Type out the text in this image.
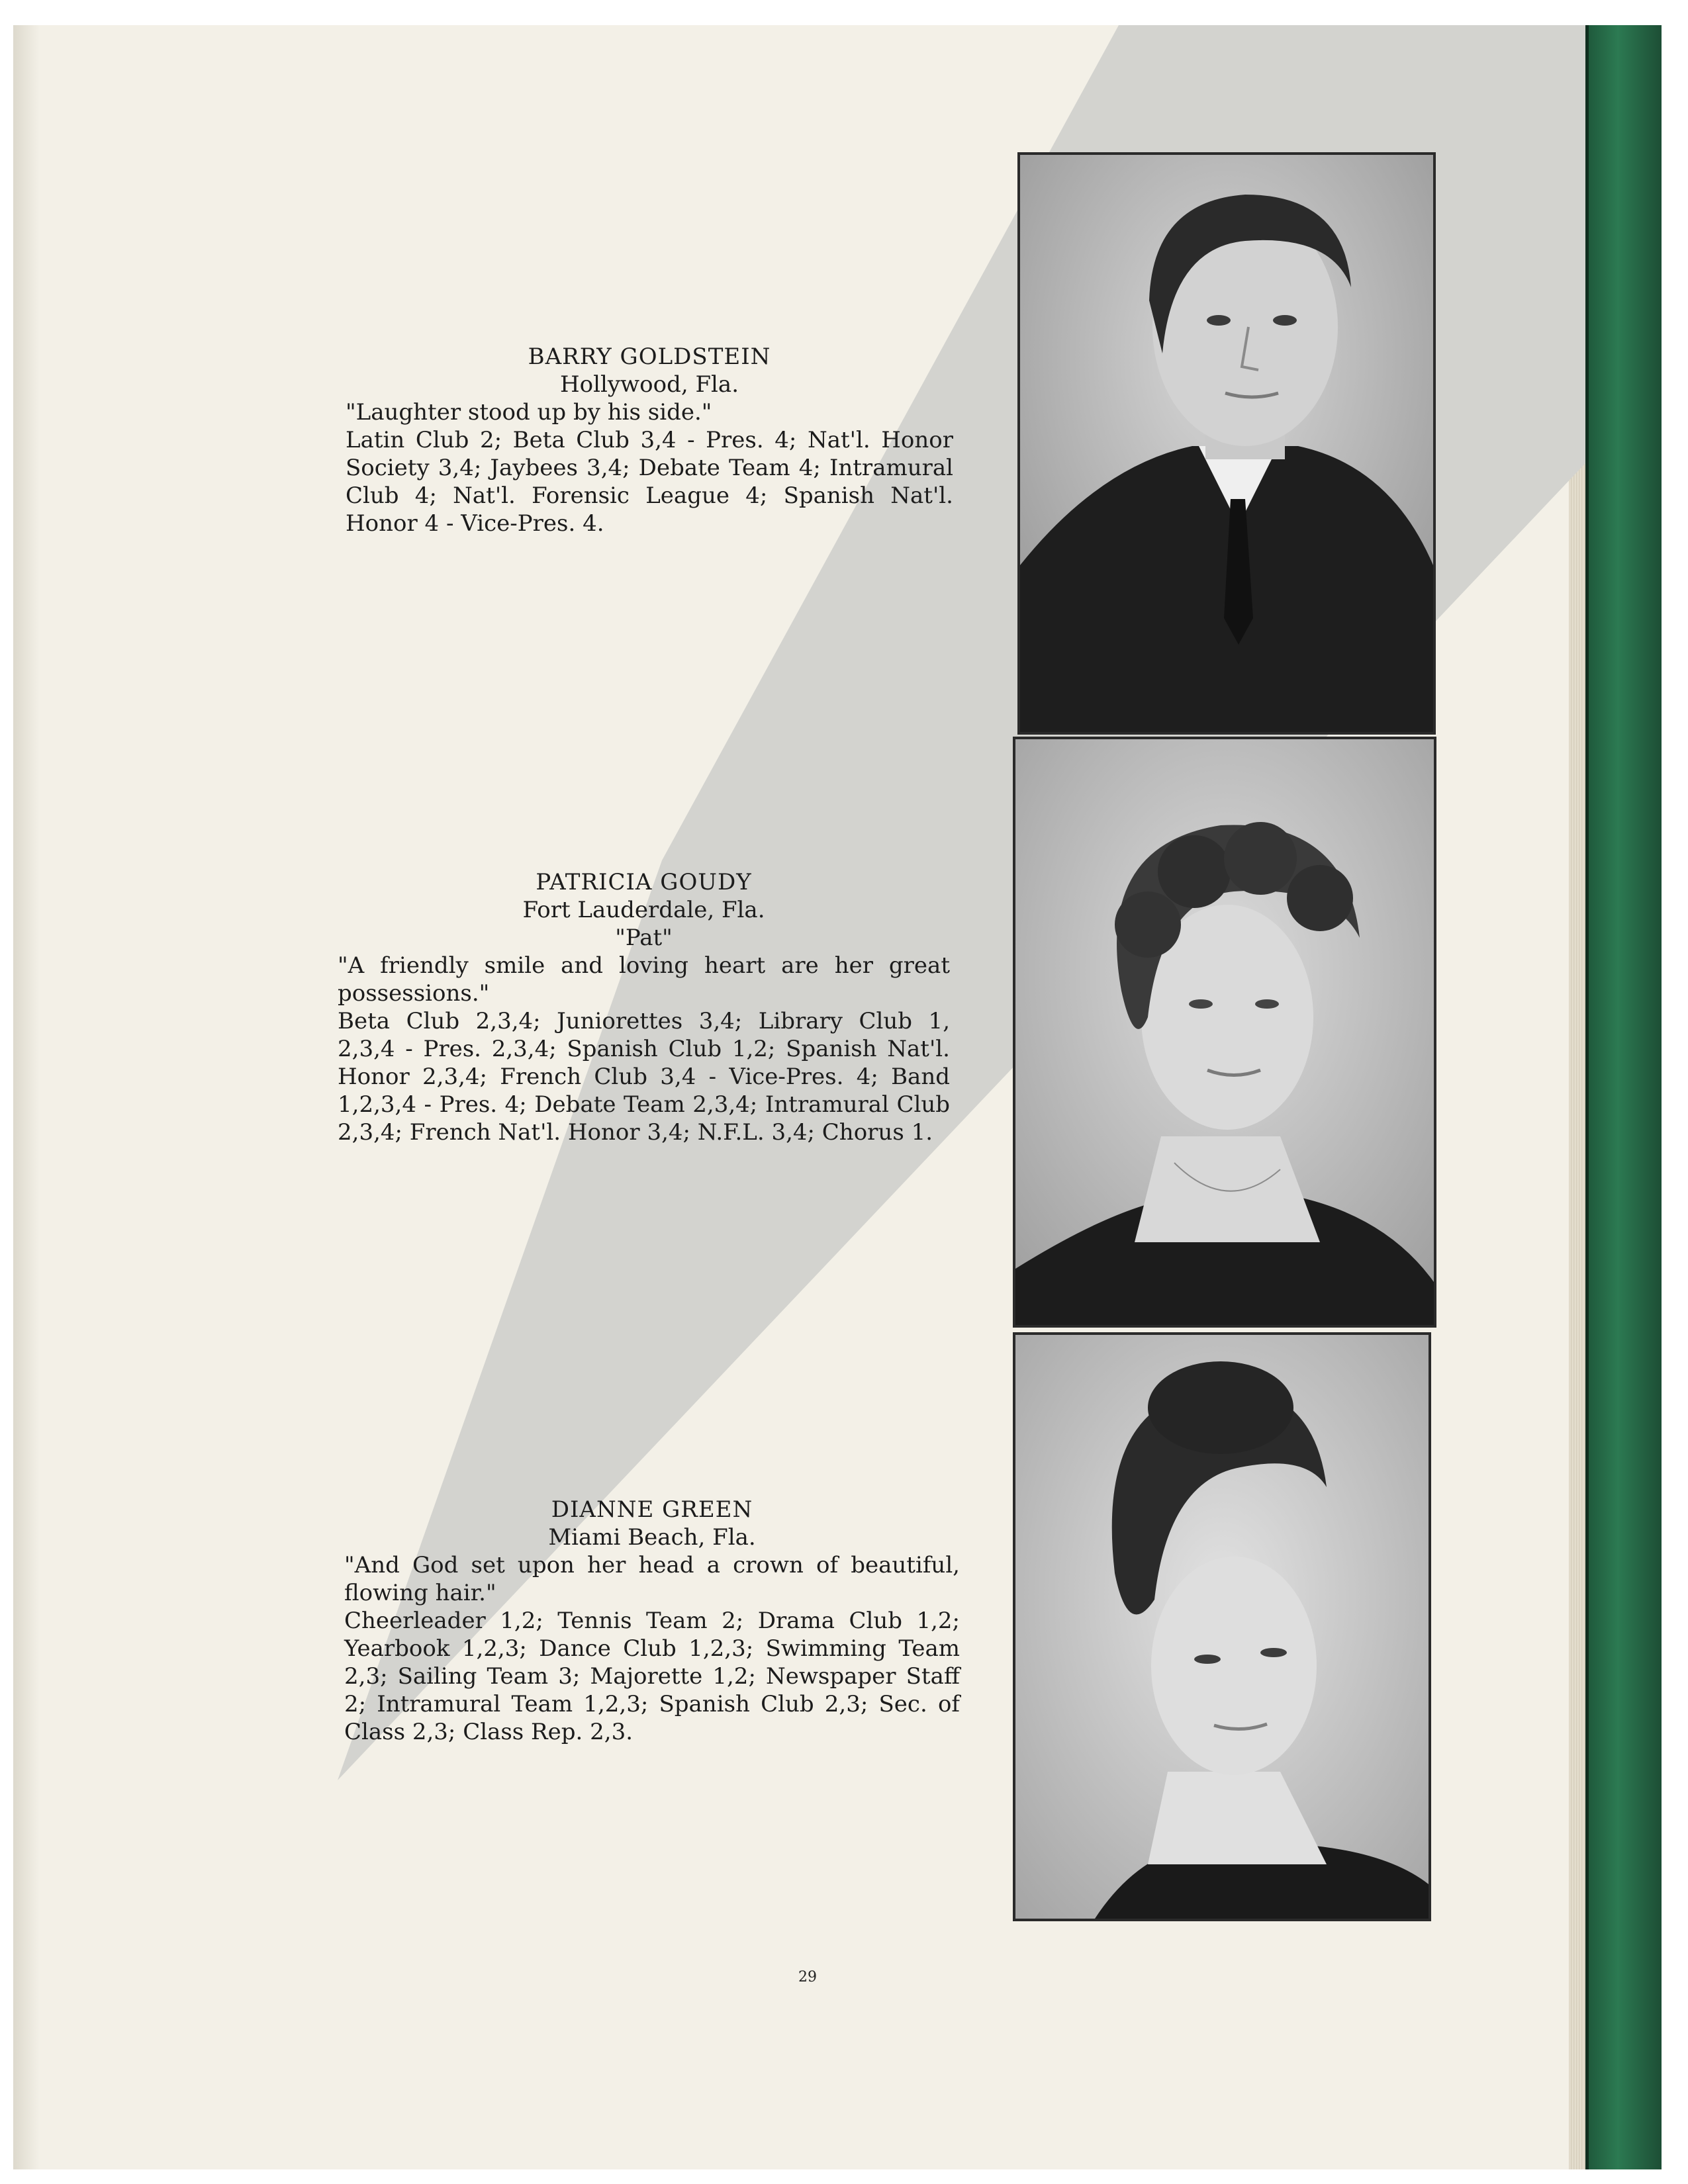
BARRY GOLDSTEIN
Hollywood, Fla.
"Laughter stood up by his side."
Latin Club 2; Beta Club 3,4 - Pres. 4; Nat'l. Honor Society 3,4; Jaybees 3,4; Debate Team 4; Intramural Club 4; Nat'l. Forensic League 4; Spanish Nat'l. Honor 4 - Vice-Pres. 4.
PATRICIA GOUDY
Fort Lauderdale, Fla.
"Pat"
"A friendly smile and loving heart are her great possessions."
Beta Club 2,3,4; Juniorettes 3,4; Library Club 1, 2,3,4 - Pres. 2,3,4; Spanish Club 1,2; Spanish Nat'l. Honor 2,3,4; French Club 3,4 - Vice-Pres. 4; Band 1,2,3,4 - Pres. 4; Debate Team 2,3,4; Intramural Club 2,3,4; French Nat'l. Honor 3,4; N.F.L. 3,4; Chorus 1.
DIANNE GREEN
Miami Beach, Fla.
"And God set upon her head a crown of beautiful, flowing hair."
Cheerleader 1,2; Tennis Team 2; Drama Club 1,2; Yearbook 1,2,3; Dance Club 1,2,3; Swimming Team 2,3; Sailing Team 3; Majorette 1,2; Newspaper Staff 2; Intramural Team 1,2,3; Spanish Club 2,3; Sec. of Class 2,3; Class Rep. 2,3.
29
